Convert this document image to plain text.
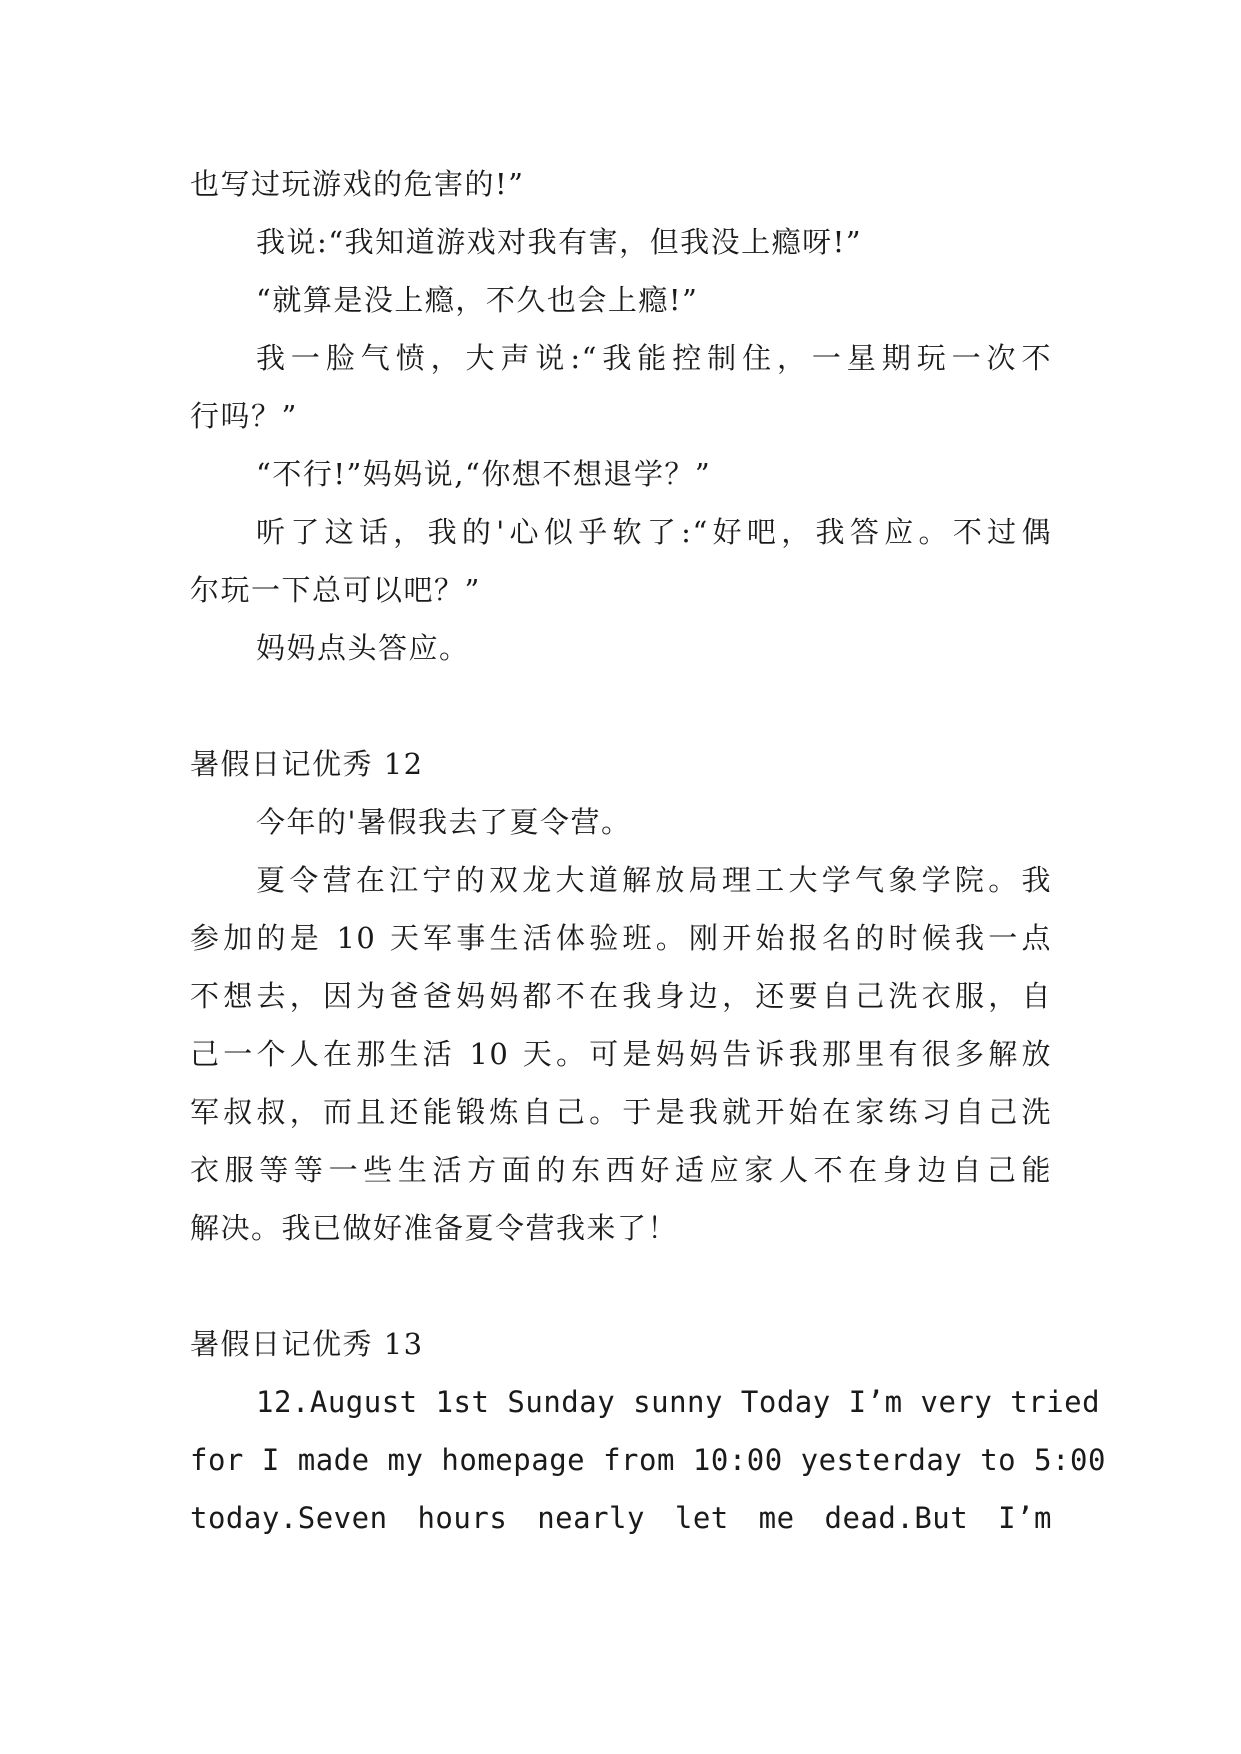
也写过玩游戏的危害的!”
我说:“我知道游戏对我有害，但我没上瘾呀!”
“就算是没上瘾，不久也会上瘾!”
我一脸气愤，大声说:“我能控制住，一星期玩一次不
行吗？”
“不行!”妈妈说,“你想不想退学？”
听了这话，我的'心似乎软了:“好吧，我答应。不过偶
尔玩一下总可以吧？”
妈妈点头答应。
暑假日记优秀 12
今年的'暑假我去了夏令营。
夏令营在江宁的双龙大道解放局理工大学气象学院。我
参加的是 10 天军事生活体验班。刚开始报名的时候我一点
不想去，因为爸爸妈妈都不在我身边，还要自己洗衣服，自
己一个人在那生活 10 天。可是妈妈告诉我那里有很多解放
军叔叔，而且还能锻炼自己。于是我就开始在家练习自己洗
衣服等等一些生活方面的东西好适应家人不在身边自己能
解决。我已做好准备夏令营我来了！
暑假日记优秀 13
12.August 1st Sunday sunny Today I’m very tried
for I made my homepage from 10:00 yesterday to 5:00
today.Seven hours nearly let me dead.But I’m
